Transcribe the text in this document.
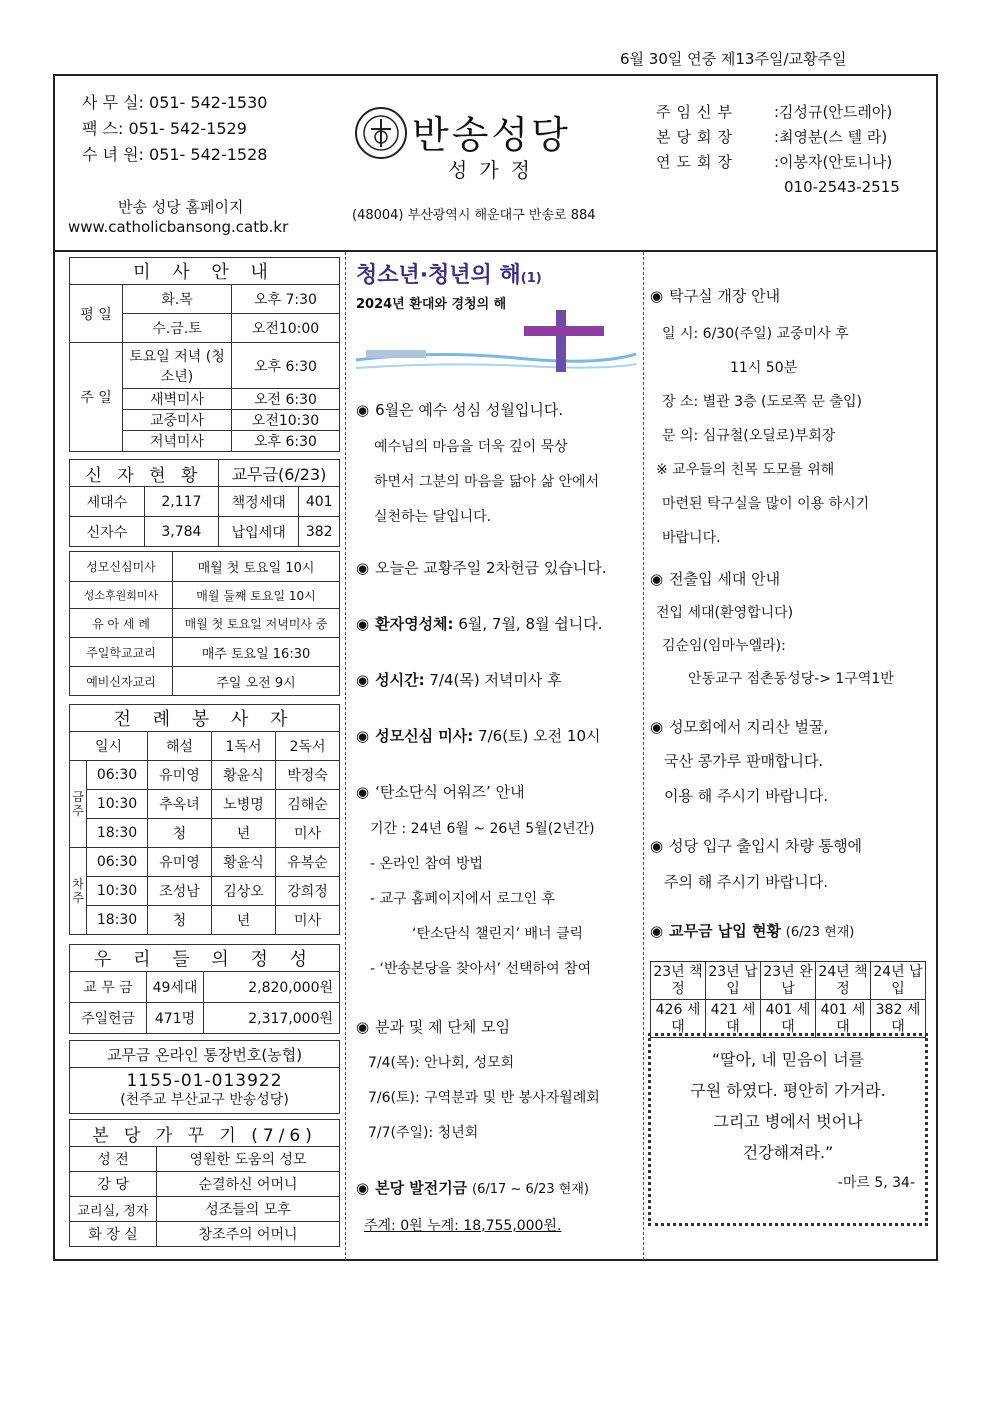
6월 30일 연중 제13주일/교황주일
사 무 실: 051- 542-1530
팩 스: 051- 542-1529
수 녀 원: 051- 542-1528
반송 성당 홈페이지
www.catholicbansong.catb.kr
반송성당
성가정
(48004) 부산광역시 해운대구 반송로 884
주임신부 :김성규(안드레아)
본당회장 :최영분(스 텔 라)
연도회장 :이봉자(안토니나)
010-2543-2515
미 사 안 내		
평 일	화.목	오후 7:30
	수.금.토	오전10:00
주 일	토요일 저녁 (청소년)	오후 6:30
	새벽미사	오전 6:30
	교중미사	오전10:30
	저녁미사	오후 6:30
신 자 현 황		교무금(6/23)	
세대수	2,117	책정세대	401
신자수	3,784	납입세대	382
성모신심미사	매월 첫 토요일 10시
성소후원회미사	매월 둘째 토요일 10시
유 아 세 례	매월 첫 토요일 저녁미사 중
주일학교교리	매주 토요일 16:30
예비신자교리	주일 오전 9시
전 례 봉 사 자				
일시		해설	1독서	2독서
금주	06:30	유미영	황윤식	박정숙
	10:30	추옥녀	노병명	김해순
	18:30	청	년	미사
차주	06:30	유미영	황윤식	유복순
	10:30	조성남	김상오	강희정
	18:30	청	년	미사
우 리 들 의 정 성		
교 무 금	49세대	2,820,000원
주일헌금	471명	2,317,000원
교무금 온라인 통장번호(농협)

1155-01-013922
(천주교 부산교구 반송성당)
본 당 가 꾸 기 (7/6)	
성 전	영원한 도움의 성모
강 당	순결하신 어머니
교리실, 정자	성조들의 모후
화 장 실	창조주의 어머니
청소년·청년의 해(1)
2024년 환대와 경청의 해
◉ 6월은 예수 성심 성월입니다.
예수님의 마음을 더욱 깊이 묵상
하면서 그분의 마음을 닮아 삶 안에서
실천하는 달입니다.
◉ 오늘은 교황주일 2차헌금 있습니다.
◉ 환자영성체: 6월, 7월, 8월 쉽니다.
◉ 성시간: 7/4(목) 저녁미사 후
◉ 성모신심 미사: 7/6(토) 오전 10시
◉ ‘탄소단식 어워즈’ 안내
기간 : 24년 6월 ~ 26년 5월(2년간)
- 온라인 참여 방법
- 교구 홈페이지에서 로그인 후
‘탄소단식 챌린지’ 배너 클릭
- ‘반송본당을 찾아서’ 선택하여 참여
◉ 분과 및 제 단체 모임
7/4(목): 안나회, 성모회
7/6(토): 구역분과 및 반 봉사자월례회
7/7(주일): 청년회
◉ 본당 발전기금 (6/17 ~ 6/23 현재)
주계: 0원 누계: 18,755,000원.
◉ 탁구실 개장 안내
일 시: 6/30(주일) 교중미사 후
11시 50분
장 소: 별관 3층 (도로쪽 문 출입)
문 의: 심규철(오딜로)부회장
※ 교우들의 친목 도모를 위해
마련된 탁구실을 많이 이용 하시기
바랍니다.
◉ 전출입 세대 안내
전입 세대(환영합니다)
김순임(임마누엘라):
안동교구 점촌동성당-> 1구역1반
◉ 성모회에서 지리산 벌꿀,
국산 콩가루 판매합니다.
이용 해 주시기 바랍니다.
◉ 성당 입구 출입시 차량 통행에
주의 해 주시기 바랍니다.
◉ 교무금 납입 현황 (6/23 현재)
23년 책정	23년 납입	23년 완납	24년 책정	24년 납입
426 세대	421 세대	401 세대	401 세대	382 세대
“딸아, 네 믿음이 너를
구원 하였다. 평안히 가거라.
그리고 병에서 벗어나
건강해져라.”
-마르 5, 34-
